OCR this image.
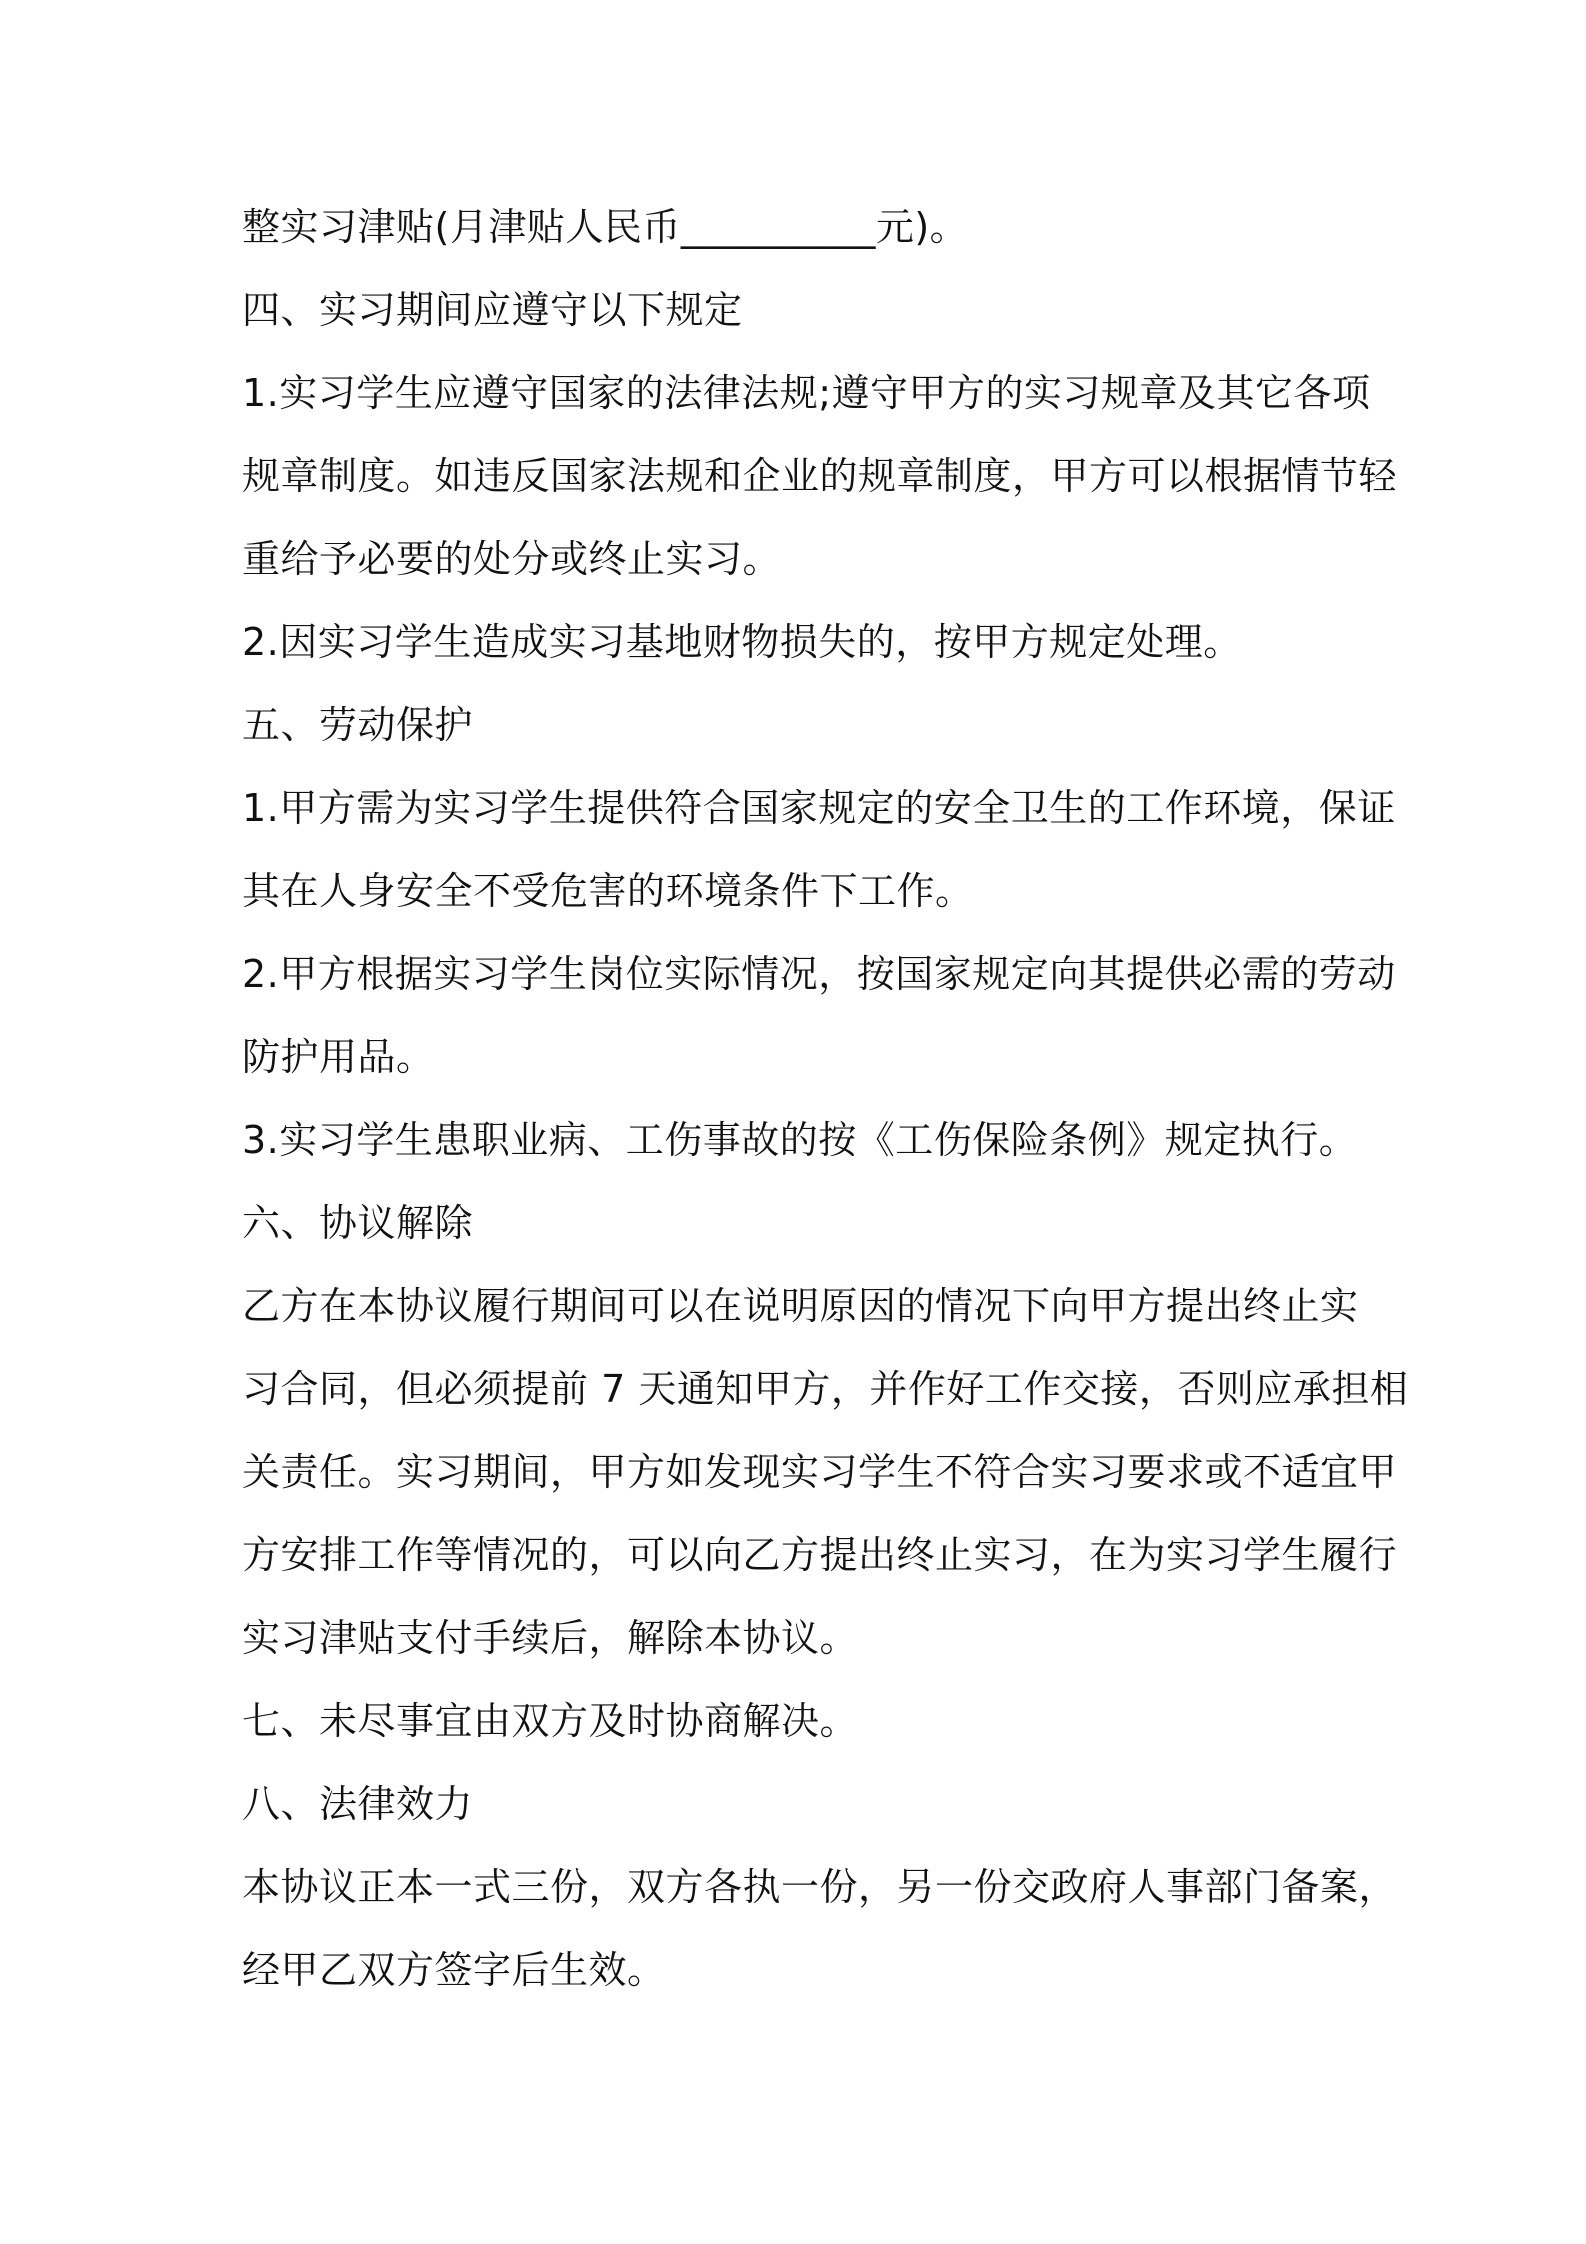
整实习津贴(月津贴人民币__________元)。
四、实习期间应遵守以下规定
1.实习学生应遵守国家的法律法规;遵守甲方的实习规章及其它各项
规章制度。如违反国家法规和企业的规章制度，甲方可以根据情节轻
重给予必要的处分或终止实习。
2.因实习学生造成实习基地财物损失的，按甲方规定处理。
五、劳动保护
1.甲方需为实习学生提供符合国家规定的安全卫生的工作环境，保证
其在人身安全不受危害的环境条件下工作。
2.甲方根据实习学生岗位实际情况，按国家规定向其提供必需的劳动
防护用品。
3.实习学生患职业病、工伤事故的按《工伤保险条例》规定执行。
六、协议解除
乙方在本协议履行期间可以在说明原因的情况下向甲方提出终止实
习合同，但必须提前 7 天通知甲方，并作好工作交接，否则应承担相
关责任。实习期间，甲方如发现实习学生不符合实习要求或不适宜甲
方安排工作等情况的，可以向乙方提出终止实习，在为实习学生履行
实习津贴支付手续后，解除本协议。
七、未尽事宜由双方及时协商解决。
八、法律效力
本协议正本一式三份，双方各执一份，另一份交政府人事部门备案，
经甲乙双方签字后生效。
